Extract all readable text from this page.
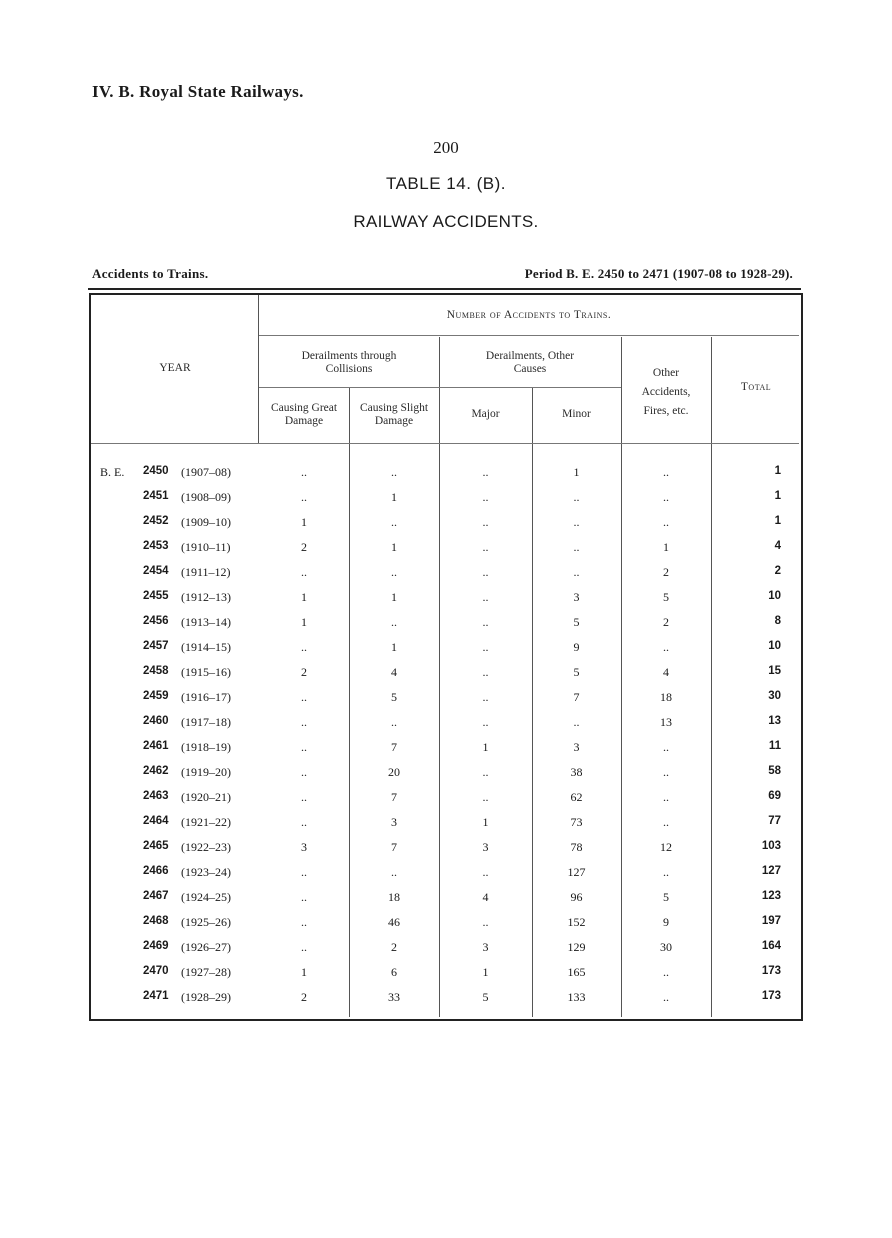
IV. B. Royal State Railways.
200
TABLE 14. (B).
RAILWAY ACCIDENTS.
Accidents to Trains.	Period B. E. 2450 to 2471 (1907-08 to 1928-29).
Number of Accidents to Trains.
YEAR
Derailments through Collisions
Derailments, Other Causes
Causing Great Damage
Causing Slight Damage
Major	Minor
Other Accidents, Fires, etc.
Total
B. E. 2450 (1907–08)	..	..	..	1	..	1
2451 (1908–09)	..	1	..	..	..	1
2452 (1909–10)	1	..	..	..	..	1
2453 (1910–11)	2	1	..	..	1	4
2454 (1911–12)	..	..	..	..	2	2
2455 (1912–13)	1	1	..	3	5	10
2456 (1913–14)	1	..	..	5	2	8
2457 (1914–15)	..	1	..	9	..	10
2458 (1915–16)	2	4	..	5	4	15
2459 (1916–17)	..	5	..	7	18	30
2460 (1917–18)	..	..	..	..	13	13
2461 (1918–19)	..	7	1	3	..	11
2462 (1919–20)	..	20	..	38	..	58
2463 (1920–21)	..	7	..	62	..	69
2464 (1921–22)	..	3	1	73	..	77
2465 (1922–23)	3	7	3	78	12	103
2466 (1923–24)	..	..	..	127	..	127
2467 (1924–25)	..	18	4	96	5	123
2468 (1925–26)	..	46	..	152	9	197
2469 (1926–27)	..	2	3	129	30	164
2470 (1927–28)	1	6	1	165	..	173
2471 (1928–29)	2	33	5	133	..	173
